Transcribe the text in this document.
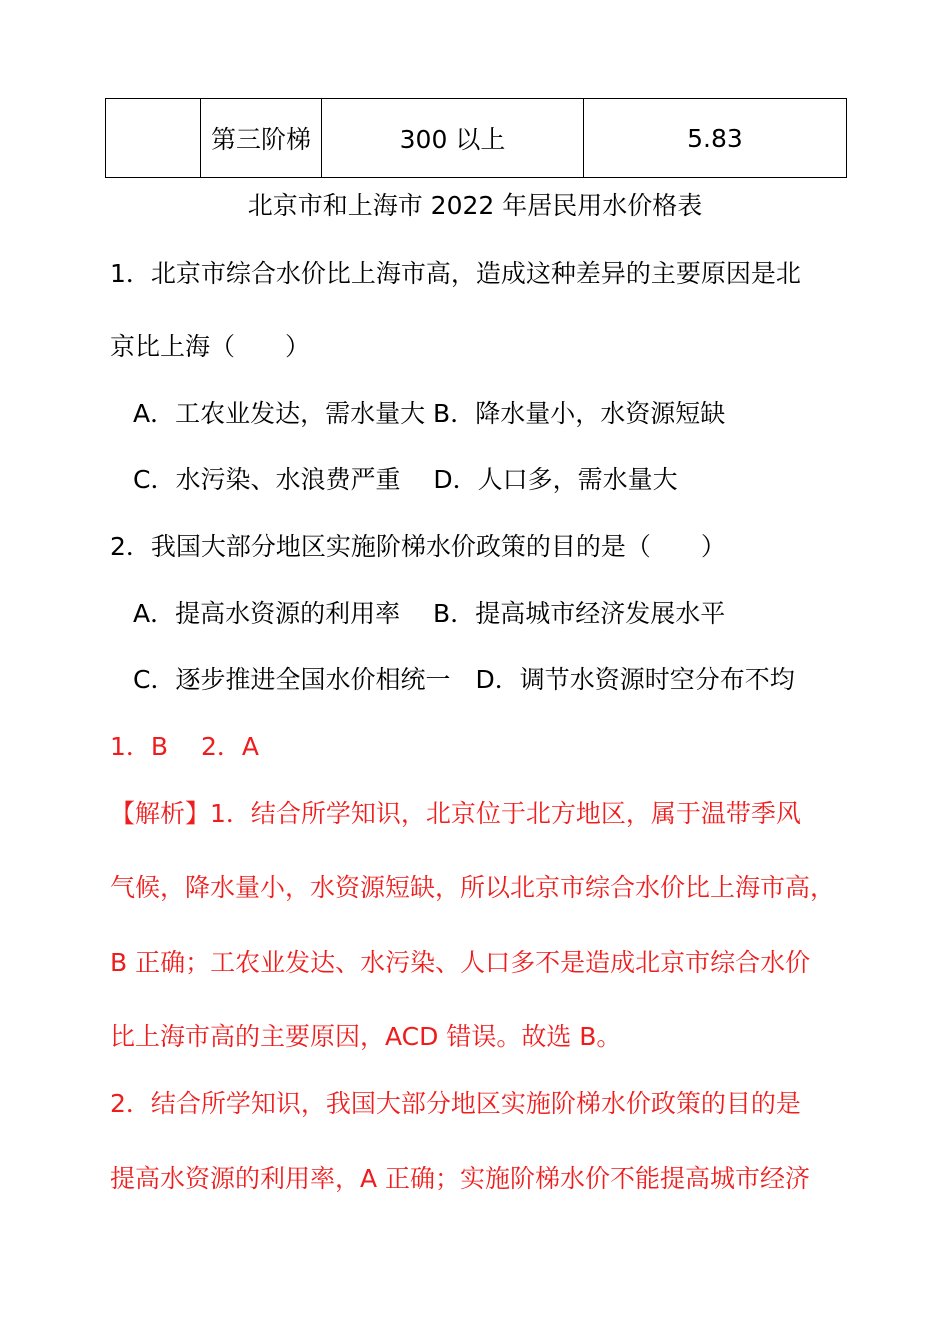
	第三阶梯	300 以上	5.83
北京市和上海市 2022 年居民用水价格表
1．北京市综合水价比上海市高，造成这种差异的主要原因是北
京比上海（　　）
A．工农业发达，需水量大 B．降水量小，水资源短缺
C．水污染、水浪费严重　 D．人口多，需水量大
2．我国大部分地区实施阶梯水价政策的目的是（　　）
A．提高水资源的利用率　 B．提高城市经济发展水平
C．逐步推进全国水价相统一　D．调节水资源时空分布不均
1．B　 2．A
【解析】1．结合所学知识，北京位于北方地区，属于温带季风
气候，降水量小，水资源短缺，所以北京市综合水价比上海市高，
B 正确；工农业发达、水污染、人口多不是造成北京市综合水价
比上海市高的主要原因，ACD 错误。故选 B。
2．结合所学知识，我国大部分地区实施阶梯水价政策的目的是
提高水资源的利用率，A 正确；实施阶梯水价不能提高城市经济
